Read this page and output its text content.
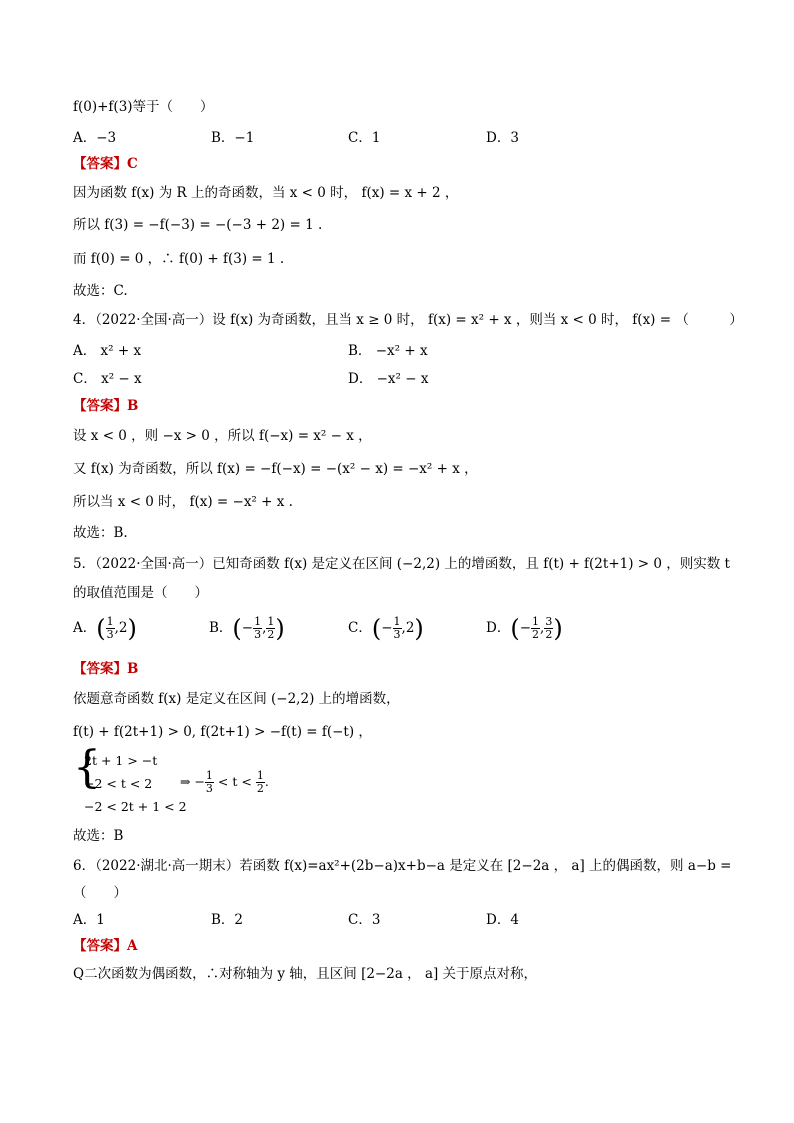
f(0)+f(3)等于（　　）
A．−3	B．−1	C．1	D．3
【答案】C
因为函数 f(x) 为 R 上的奇函数，当 x < 0 时， f(x) = x + 2 ，
所以 f(3) = −f(−3) = −(−3 + 2) = 1 .
而 f(0) = 0 ，∴ f(0) + f(3) = 1 .
故选：C.
4．（2022·全国·高一）设 f(x) 为奇函数，且当 x ≥ 0 时， f(x) = x² + x ，则当 x < 0 时， f(x) = （　　　）
A． x² + x	B． −x² + x
C． x² − x	D． −x² − x
【答案】B
设 x < 0 ，则 −x > 0 ，所以 f(−x) = x² − x ，
又 f(x) 为奇函数，所以 f(x) = −f(−x) = −(x² − x) = −x² + x ，
所以当 x < 0 时， f(x) = −x² + x .
故选：B.
5．（2022·全国·高一）已知奇函数 f(x) 是定义在区间 (−2,2) 上的增函数，且 f(t) + f(2t+1) > 0 ，则实数 t
的取值范围是（　　）
A．( $\frac{1}{3} ,2$)	B．(− $\frac{1}{3}$ , $\frac{1}{2}$ )	C．(− $\frac{1}{3} ,2$)	D．(− $\frac{1}{2}$ , $\frac{3}{2}$ )
【答案】B
依题意奇函数 f(x) 是定义在区间 (−2,2) 上的增函数，
f(t) + f(2t+1) > 0, f(2t+1) > −f(t) = f(−t) ，
{
2t + 1 > −t
−2 < t < 2
−2 < 2t + 1 < 2
⇒ − $\frac{1}{3} < t < \frac{1}{2}$ .
故选：B
6．（2022·湖北·高一期末）若函数 f(x)=ax²+(2b−a)x+b−a 是定义在 [2−2a ， a] 上的偶函数，则 a−b =
（　　）
A．1	B．2	C．3	D．4
【答案】A
Q二次函数为偶函数，∴对称轴为 y 轴，且区间 [2−2a ， a] 关于原点对称，
